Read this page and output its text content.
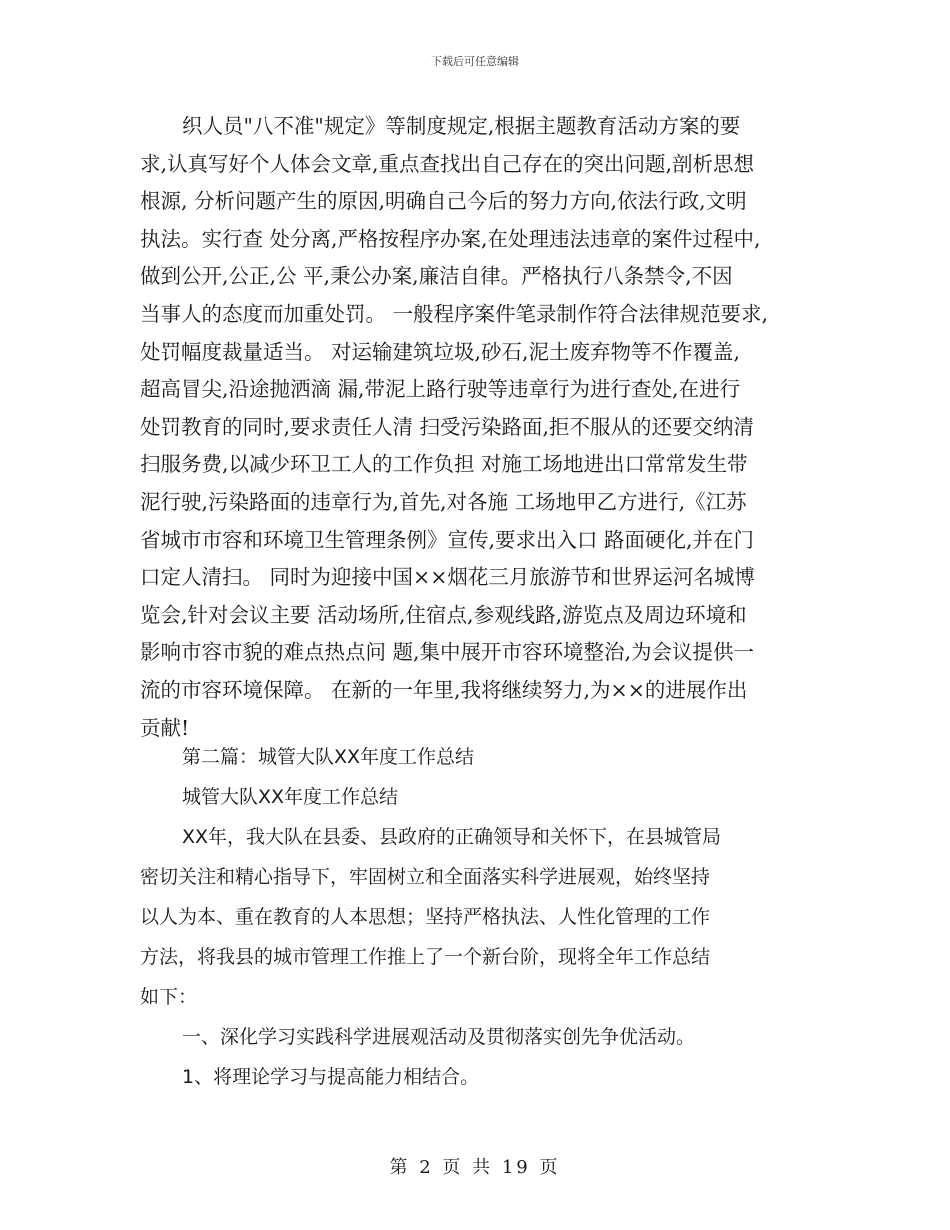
下载后可任意编辑
织人员"八不准"规定》等制度规定,根据主题教育活动方案的要
求,认真写好个人体会文章,重点查找出自己存在的突出问题,剖析思想
根源, 分析问题产生的原因,明确自己今后的努力方向,依法行政,文明
执法。实行查 处分离,严格按程序办案,在处理违法违章的案件过程中,
做到公开,公正,公 平,秉公办案,廉洁自律。严格执行八条禁令,不因
当事人的态度而加重处罚。 一般程序案件笔录制作符合法律规范要求,
处罚幅度裁量适当。 对运输建筑垃圾,砂石,泥土废弃物等不作覆盖,
超高冒尖,沿途抛洒滴 漏,带泥上路行驶等违章行为进行查处,在进行
处罚教育的同时,要求责任人清 扫受污染路面,拒不服从的还要交纳清
扫服务费,以减少环卫工人的工作负担 对施工场地进出口常常发生带
泥行驶,污染路面的违章行为,首先,对各施 工场地甲乙方进行,《江苏
省城市市容和环境卫生管理条例》宣传,要求出入口 路面硬化,并在门
口定人清扫。 同时为迎接中国××烟花三月旅游节和世界运河名城博
览会,针对会议主要 活动场所,住宿点,参观线路,游览点及周边环境和
影响市容市貌的难点热点问 题,集中展开市容环境整治,为会议提供一
流的市容环境保障。 在新的一年里,我将继续努力,为××的进展作出
贡献!
第二篇：城管大队XX年度工作总结
城管大队XX年度工作总结
XX年，我大队在县委、县政府的正确领导和关怀下，在县城管局
密切关注和精心指导下，牢固树立和全面落实科学进展观，始终坚持
以人为本、重在教育的人本思想；坚持严格执法、人性化管理的工作
方法，将我县的城市管理工作推上了一个新台阶，现将全年工作总结
如下：
一、深化学习实践科学进展观活动及贯彻落实创先争优活动。
1、将理论学习与提高能力相结合。
第 2 页 共 19 页
